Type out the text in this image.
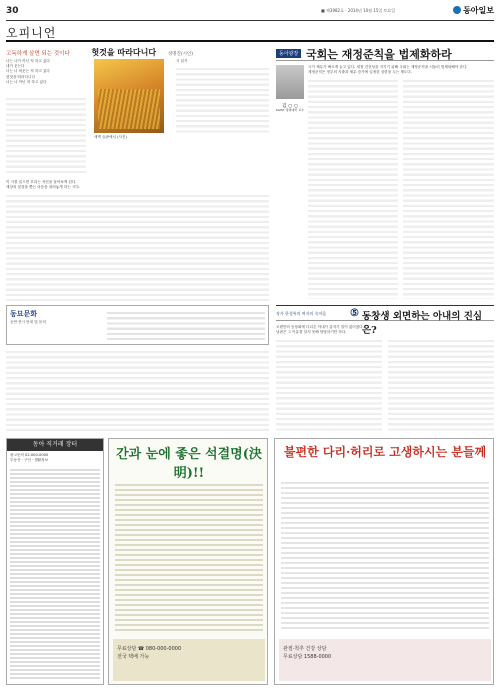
30	■ 제3982호 · 2014년 10월 15일 토요일	동아일보
오피니언
고독하게 살면 되는 것이다	헛것을 따라다니다	성명진(시인)
너는 너가 아닌 척 하고 있다
내가 웃는다
너는 너 비웃는 척 하고 있다
헛것을 따라다니다
너는 너 아닌 척 하고 있다
새벽 들판에서 (사진)
시 읽기
이 시를 읽으면 우리는 자신을 돌아보게 된다.
세상의 헛것을 쫓는 마음을 내려놓게 하는 시다.
동묘문화
공연·전시 안내 및 문의
동아광장 국회는 재정준칙을 법제화하라
김 ○ ○
KAIST 경영대학 교수
국가 채무가 빠르게 늘고 있다. 재정 건전성을 지키기 위해 국회는 재정준칙을 서둘러 법제화해야 한다.
재정준칙은 정부의 지출과 채무 증가에 일정한 상한을 두는 제도다.
작가 한성복의 여자의 속마음 ⑤ 동창생 외면하는 아내의 진심은?
오랜만의 동창회에 다녀온 아내가 갑자기 말이 없어졌다.
남편은 그 이유를 알지 못해 답답하기만 하다.
동아 직거래 장터
광고문의 02-000-0000
부동산 · 구인 · 생활정보	간과 눈에 좋은 석결명(決明)!!
무료상담 ☎ 080-000-0000
전국 택배 가능
불편한 다리·허리로 고생하시는 분들께
관절·척추 건강 상담
무료상담 1588-0000
